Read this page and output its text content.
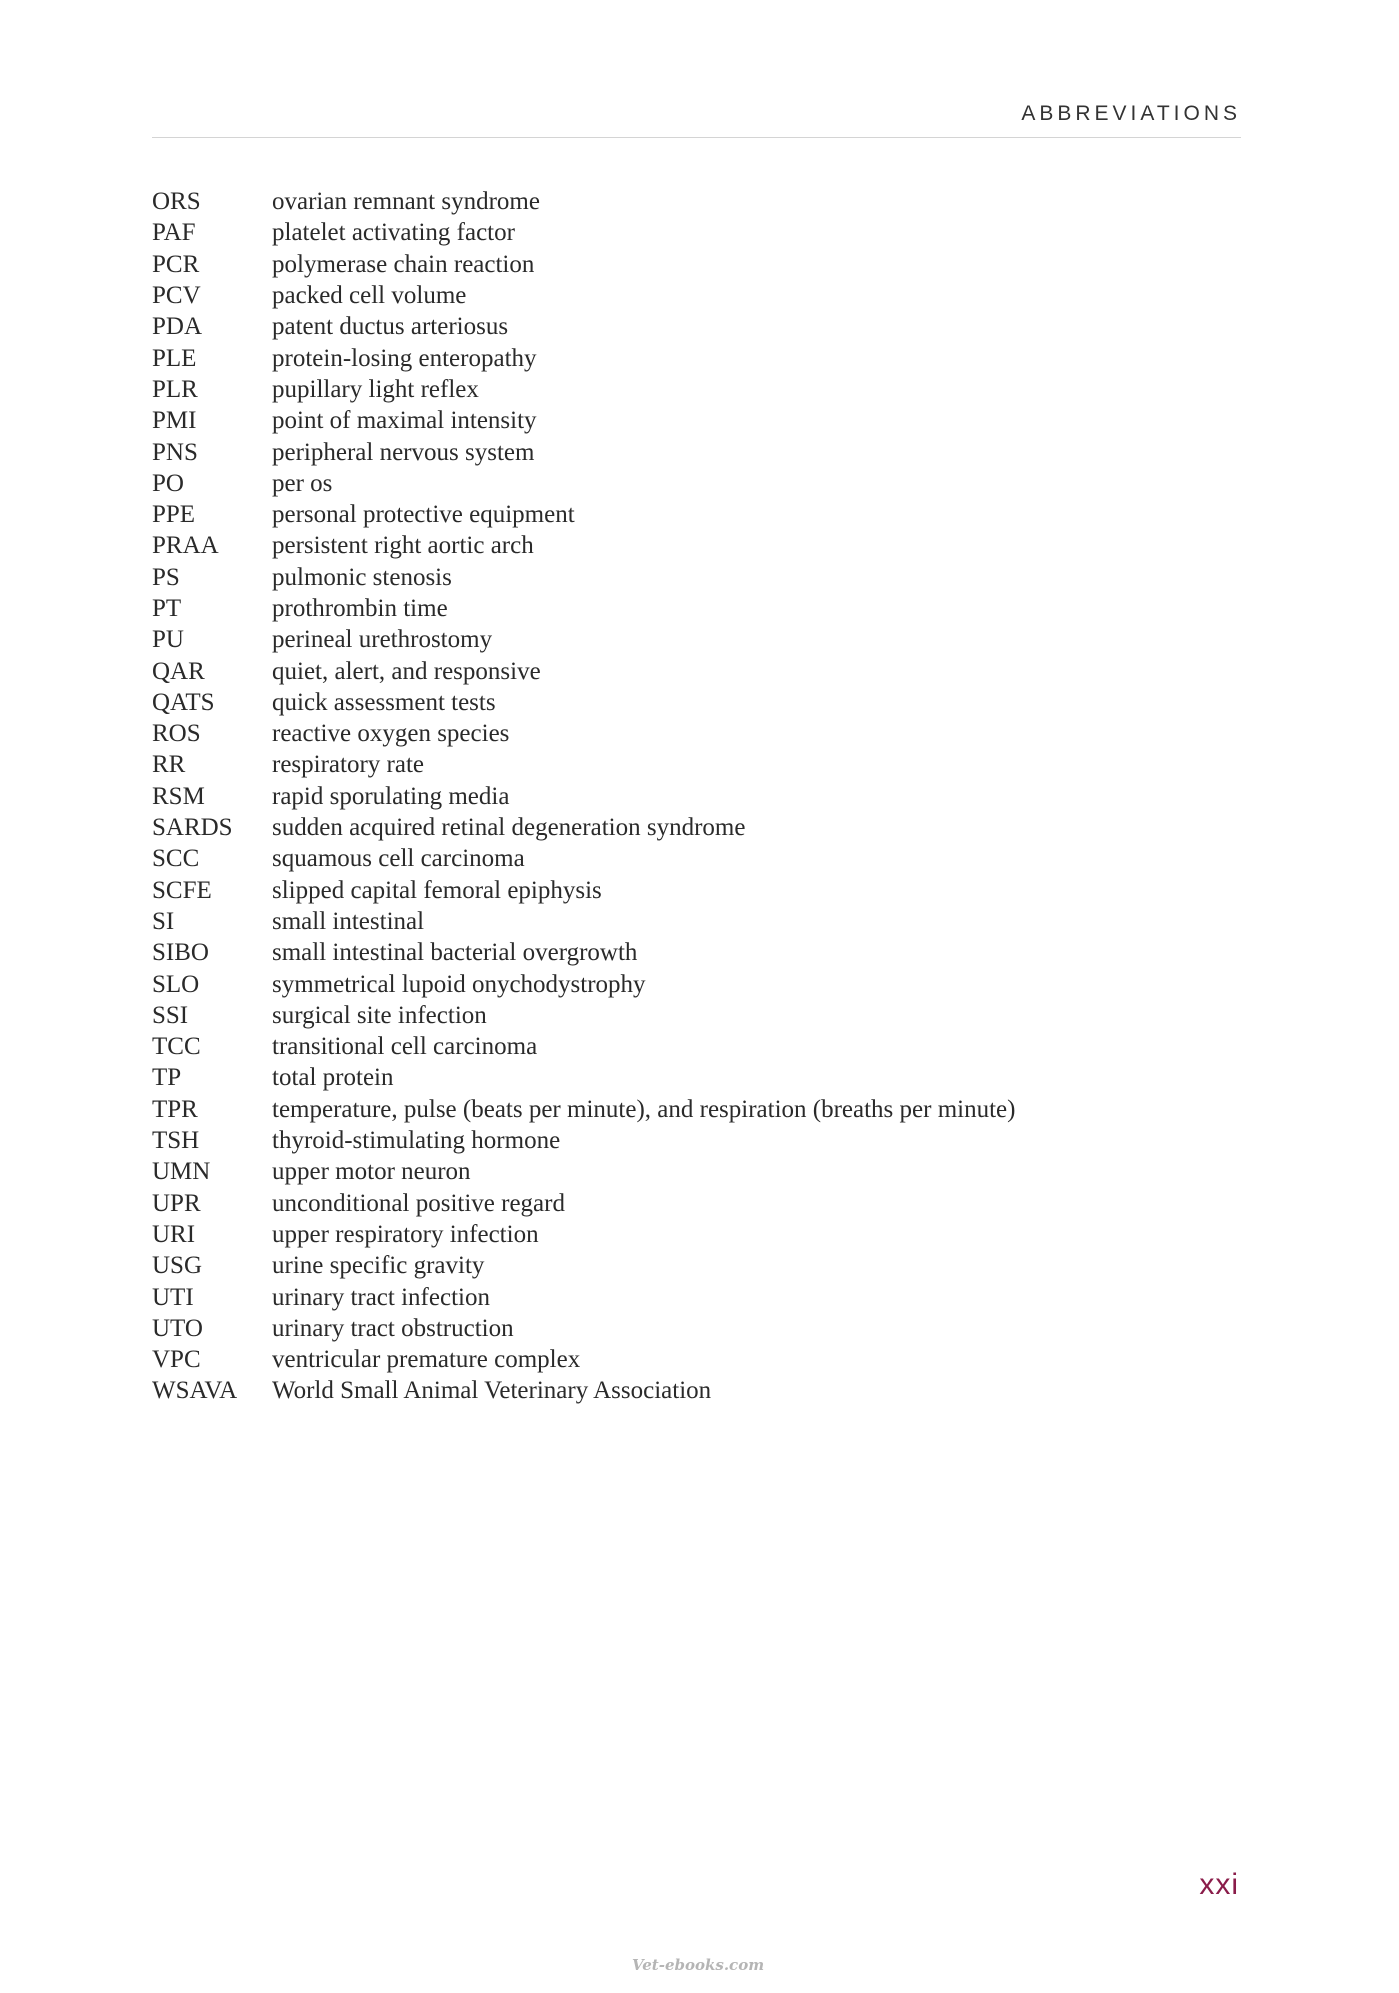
ABBREVIATIONS
ORS	ovarian remnant syndrome
PAF	platelet activating factor
PCR	polymerase chain reaction
PCV	packed cell volume
PDA	patent ductus arteriosus
PLE	protein-losing enteropathy
PLR	pupillary light reflex
PMI	point of maximal intensity
PNS	peripheral nervous system
PO	per os
PPE	personal protective equipment
PRAA	persistent right aortic arch
PS	pulmonic stenosis
PT	prothrombin time
PU	perineal urethrostomy
QAR	quiet, alert, and responsive
QATS	quick assessment tests
ROS	reactive oxygen species
RR	respiratory rate
RSM	rapid sporulating media
SARDS	sudden acquired retinal degeneration syndrome
SCC	squamous cell carcinoma
SCFE	slipped capital femoral epiphysis
SI	small intestinal
SIBO	small intestinal bacterial overgrowth
SLO	symmetrical lupoid onychodystrophy
SSI	surgical site infection
TCC	transitional cell carcinoma
TP	total protein
TPR	temperature, pulse (beats per minute), and respiration (breaths per minute)
TSH	thyroid-stimulating hormone
UMN	upper motor neuron
UPR	unconditional positive regard
URI	upper respiratory infection
USG	urine specific gravity
UTI	urinary tract infection
UTO	urinary tract obstruction
VPC	ventricular premature complex
WSAVA	World Small Animal Veterinary Association
xxi
Vet-ebooks.com
